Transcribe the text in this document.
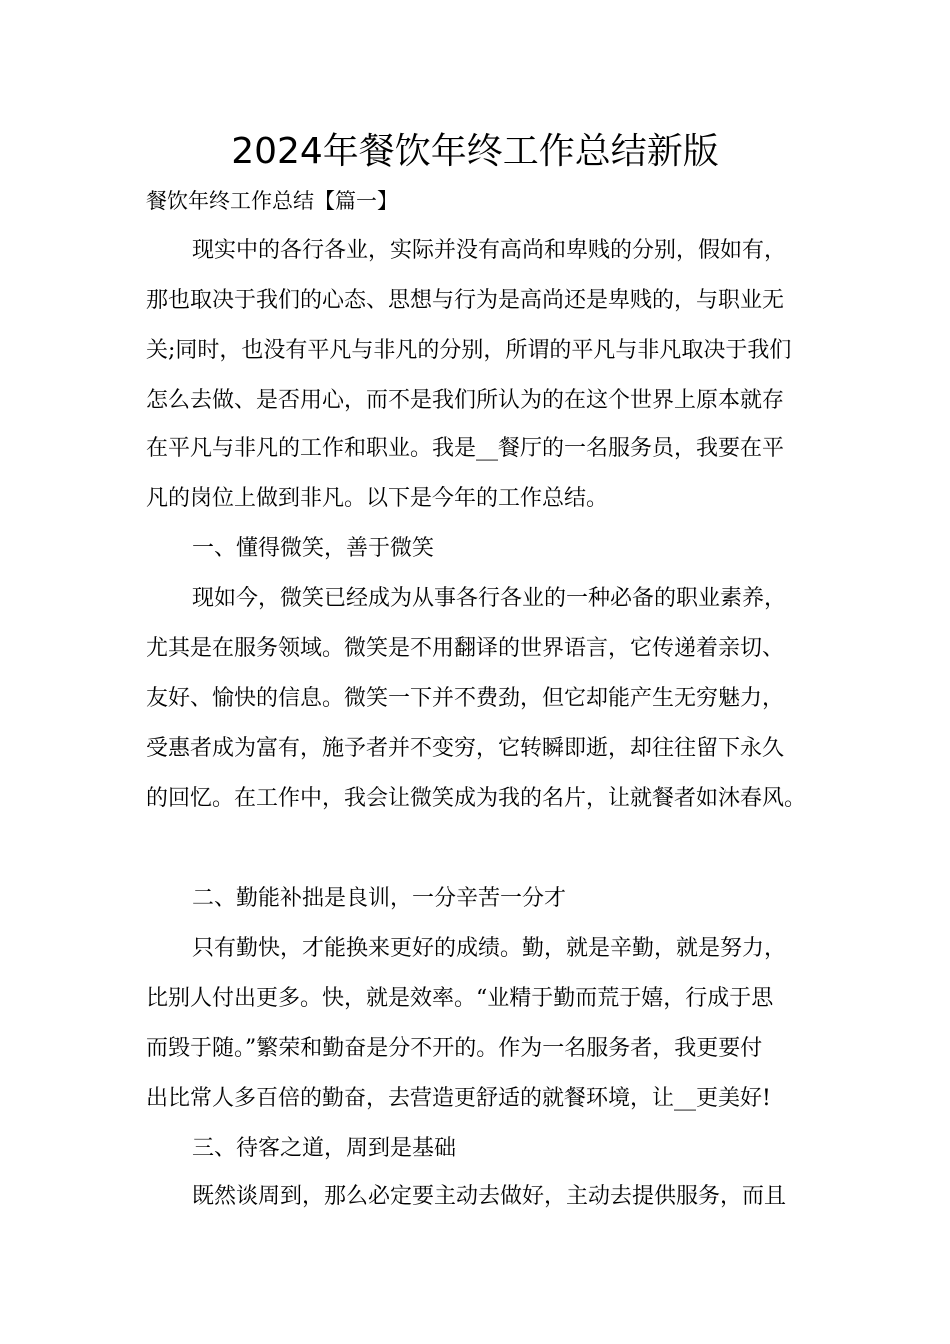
2024年餐饮年终工作总结新版
餐饮年终工作总结【篇一】
现实中的各行各业，实际并没有高尚和卑贱的分别，假如有，
那也取决于我们的心态、思想与行为是高尚还是卑贱的，与职业无
关;同时，也没有平凡与非凡的分别，所谓的平凡与非凡取决于我们
怎么去做、是否用心，而不是我们所认为的在这个世界上原本就存
在平凡与非凡的工作和职业。我是__餐厅的一名服务员，我要在平
凡的岗位上做到非凡。以下是今年的工作总结。
一、懂得微笑，善于微笑
现如今，微笑已经成为从事各行各业的一种必备的职业素养，
尤其是在服务领域。微笑是不用翻译的世界语言，它传递着亲切、
友好、愉快的信息。微笑一下并不费劲，但它却能产生无穷魅力，
受惠者成为富有，施予者并不变穷，它转瞬即逝，却往往留下永久
的回忆。在工作中，我会让微笑成为我的名片，让就餐者如沐春风。
二、勤能补拙是良训，一分辛苦一分才
只有勤快，才能换来更好的成绩。勤，就是辛勤，就是努力，
比别人付出更多。快，就是效率。“业精于勤而荒于嬉，行成于思
而毁于随。”繁荣和勤奋是分不开的。作为一名服务者，我更要付
出比常人多百倍的勤奋，去营造更舒适的就餐环境，让__更美好!
三、待客之道，周到是基础
既然谈周到，那么必定要主动去做好，主动去提供服务，而且
